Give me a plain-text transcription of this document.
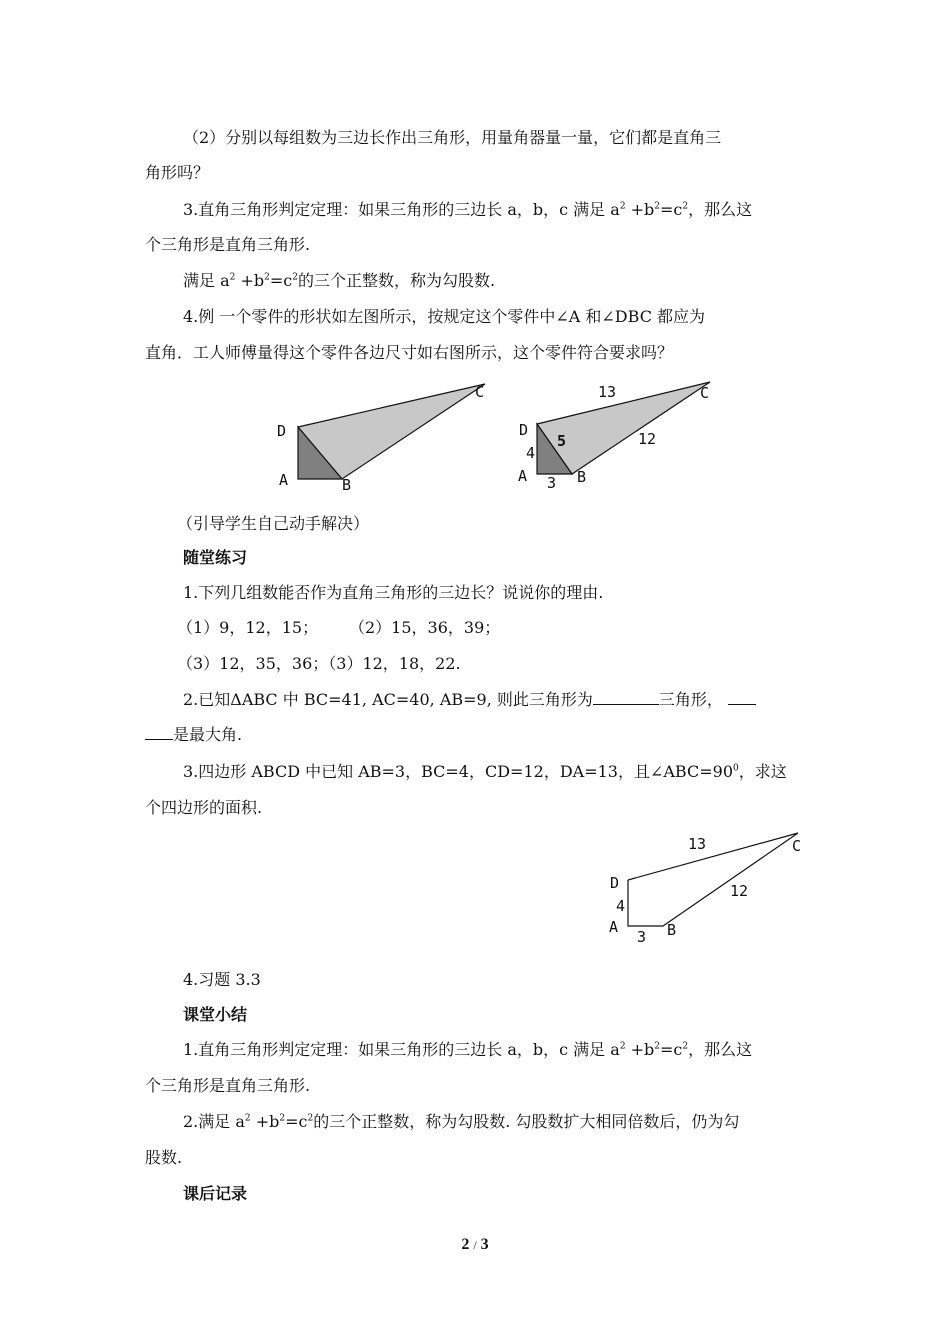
（2）分别以每组数为三边长作出三角形，用量角器量一量，它们都是直角三
角形吗？
3.直角三角形判定定理：如果三角形的三边长 a，b，c 满足 $a^2 +b^2=c^2$，那么这
个三角形是直角三角形.
满足 $a^2 +b^2=c^2$的三个正整数，称为勾股数.
4.例 一个零件的形状如左图所示，按规定这个零件中∠A 和∠DBC 都应为
直角．工人师傅量得这个零件各边尺寸如右图所示，这个零件符合要求吗？
D
A	B
C
D
A	B
C
13
12
5
4
3
（引导学生自己动手解决）
随堂练习
1.下列几组数能否作为直角三角形的三边长？说说你的理由.
（1）9，12，15； （2）15，36，39；
（3）12，35，36；（3）12，18，22.
2.已知ΔABC 中 BC=41, AC=40, AB=9, 则此三角形为	三角形，
是最大角.
3.四边形 ABCD 中已知 AB=3，BC=4，CD=12，DA=13，且$\angle ABC=90^0$，求这
个四边形的面积.
D
A	B
C
13
12
4
3
4.习题 3.3
课堂小结
1.直角三角形判定定理：如果三角形的三边长 a，b，c 满足 $a^2 +b^2=c^2$，那么这
个三角形是直角三角形.
2.满足 $a^2 +b^2=c^2$的三个正整数，称为勾股数. 勾股数扩大相同倍数后，仍为勾
股数.
课后记录
2 / 3
